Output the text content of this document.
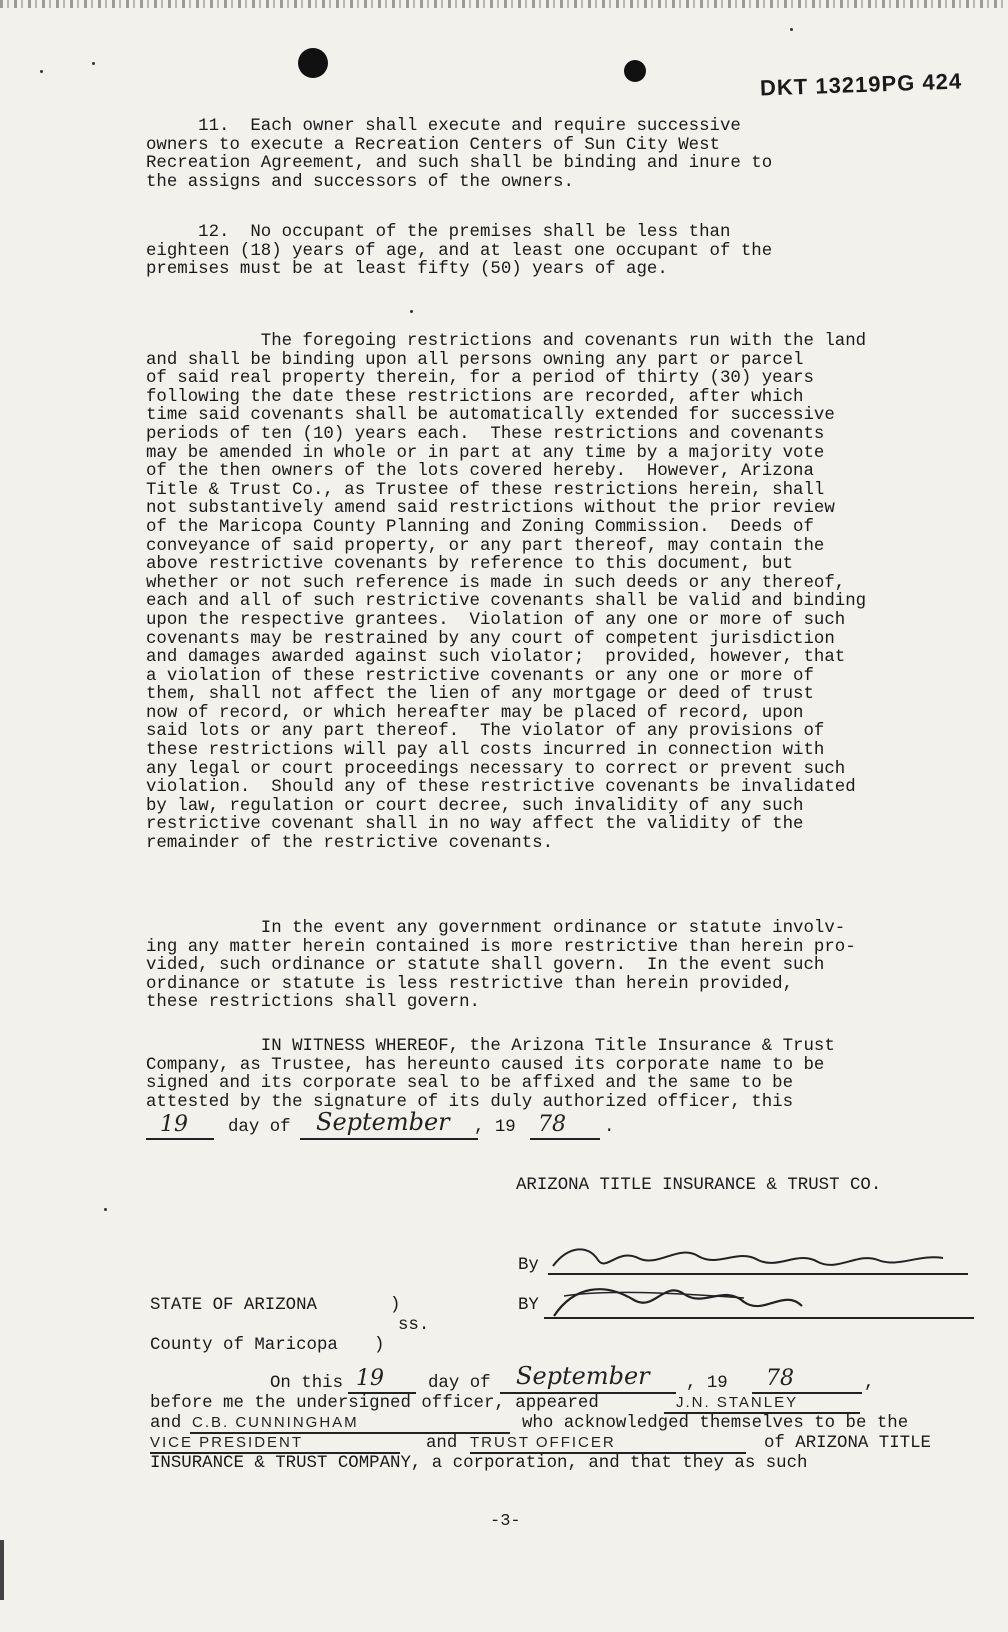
DKT 13219PG 424

11.  Each owner shall execute and require successive
owners to execute a Recreation Centers of Sun City West
Recreation Agreement, and such shall be binding and inure to
the assigns and successors of the owners.

12.  No occupant of the premises shall be less than
eighteen (18) years of age, and at least one occupant of the
premises must be at least fifty (50) years of age.

The foregoing restrictions and covenants run with the land
and shall be binding upon all persons owning any part or parcel
of said real property therein, for a period of thirty (30) years
following the date these restrictions are recorded, after which
time said covenants shall be automatically extended for successive
periods of ten (10) years each.  These restrictions and covenants
may be amended in whole or in part at any time by a majority vote
of the then owners of the lots covered hereby.  However, Arizona
Title & Trust Co., as Trustee of these restrictions herein, shall
not substantively amend said restrictions without the prior review
of the Maricopa County Planning and Zoning Commission.  Deeds of
conveyance of said property, or any part thereof, may contain the
above restrictive covenants by reference to this document, but
whether or not such reference is made in such deeds or any thereof,
each and all of such restrictive covenants shall be valid and binding
upon the respective grantees.  Violation of any one or more of such
covenants may be restrained by any court of competent jurisdiction
and damages awarded against such violator;  provided, however, that
a violation of these restrictive covenants or any one or more of
them, shall not affect the lien of any mortgage or deed of trust
now of record, or which hereafter may be placed of record, upon
said lots or any part thereof.  The violator of any provisions of
these restrictions will pay all costs incurred in connection with
any legal or court proceedings necessary to correct or prevent such
violation.  Should any of these restrictive covenants be invalidated
by law, regulation or court decree, such invalidity of any such
restrictive covenant shall in no way affect the validity of the
remainder of the restrictive covenants.

In the event any government ordinance or statute involv-
ing any matter herein contained is more restrictive than herein pro-
vided, such ordinance or statute shall govern.  In the event such
ordinance or statute is less restrictive than herein provided,
these restrictions shall govern.

IN WITNESS WHEREOF, the Arizona Title Insurance & Trust
Company, as Trustee, has hereunto caused its corporate name to be
signed and its corporate seal to be affixed and the same to be
attested by the signature of its duly authorized officer, this

19 day of September , 19 78 .
ARIZONA TITLE INSURANCE & TRUST CO.
By
BY
STATE OF ARIZONA	)
ss.
County of Maricopa )
On this 19	day of September , 19 78	,
before me the undersigned officer, appeared	J.N. STANLEY
and C.B. CUNNINGHAM	who acknowledged themselves to be the
VICE PRESIDENT	and TRUST OFFICER	of ARIZONA TITLE
INSURANCE & TRUST COMPANY, a corporation, and that they as such
-3-
